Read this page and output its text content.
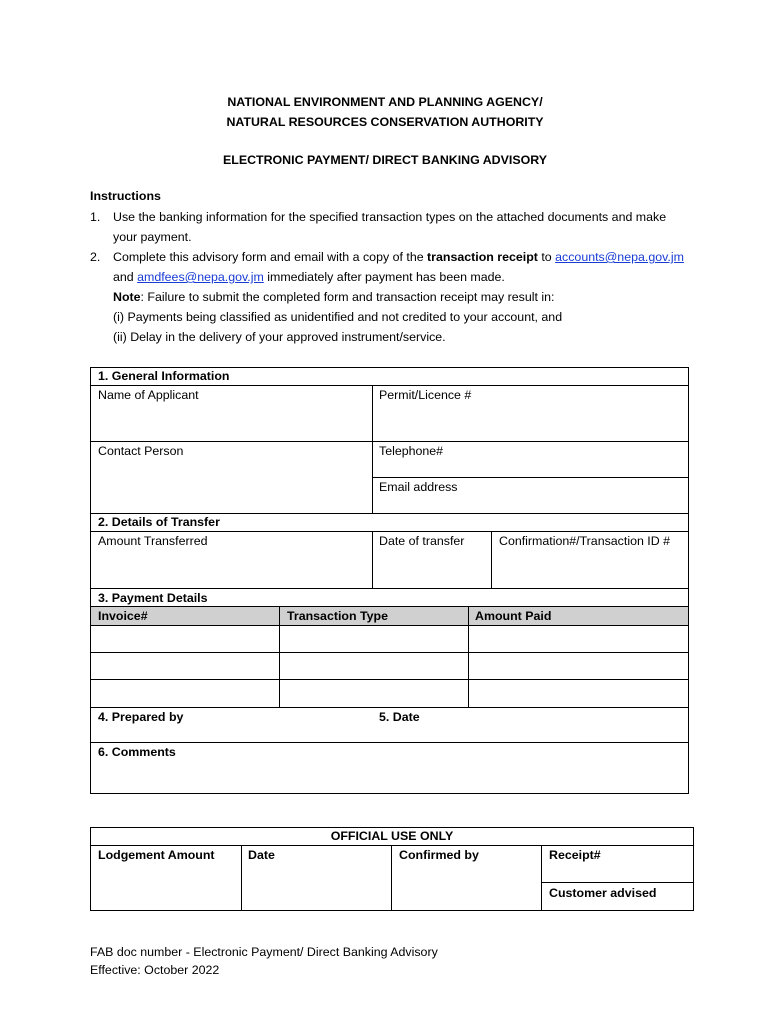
NATIONAL ENVIRONMENT AND PLANNING AGENCY/
NATURAL RESOURCES CONSERVATION AUTHORITY
ELECTRONIC PAYMENT/ DIRECT BANKING ADVISORY
Instructions
1. Use the banking information for the specified transaction types on the attached documents and make
your payment.
2. Complete this advisory form and email with a copy of the transaction receipt to accounts@nepa.gov.jm
and amdfees@nepa.gov.jm immediately after payment has been made.
Note: Failure to submit the completed form and transaction receipt may result in:
(i) Payments being classified as unidentified and not credited to your account, and
(ii) Delay in the delivery of your approved instrument/service.
1. General Information
Name of Applicant	Permit/Licence #
Contact Person	Telephone#
Email address
2. Details of Transfer
Amount Transferred	Date of transfer	Confirmation#/Transaction ID #
3. Payment Details
Invoice#	Transaction Type	Amount Paid
4. Prepared by	5. Date
6. Comments
OFFICIAL USE ONLY
Lodgement Amount	Date	Confirmed by	Receipt#
Customer advised
FAB doc number - Electronic Payment/ Direct Banking Advisory
Effective: October 2022
